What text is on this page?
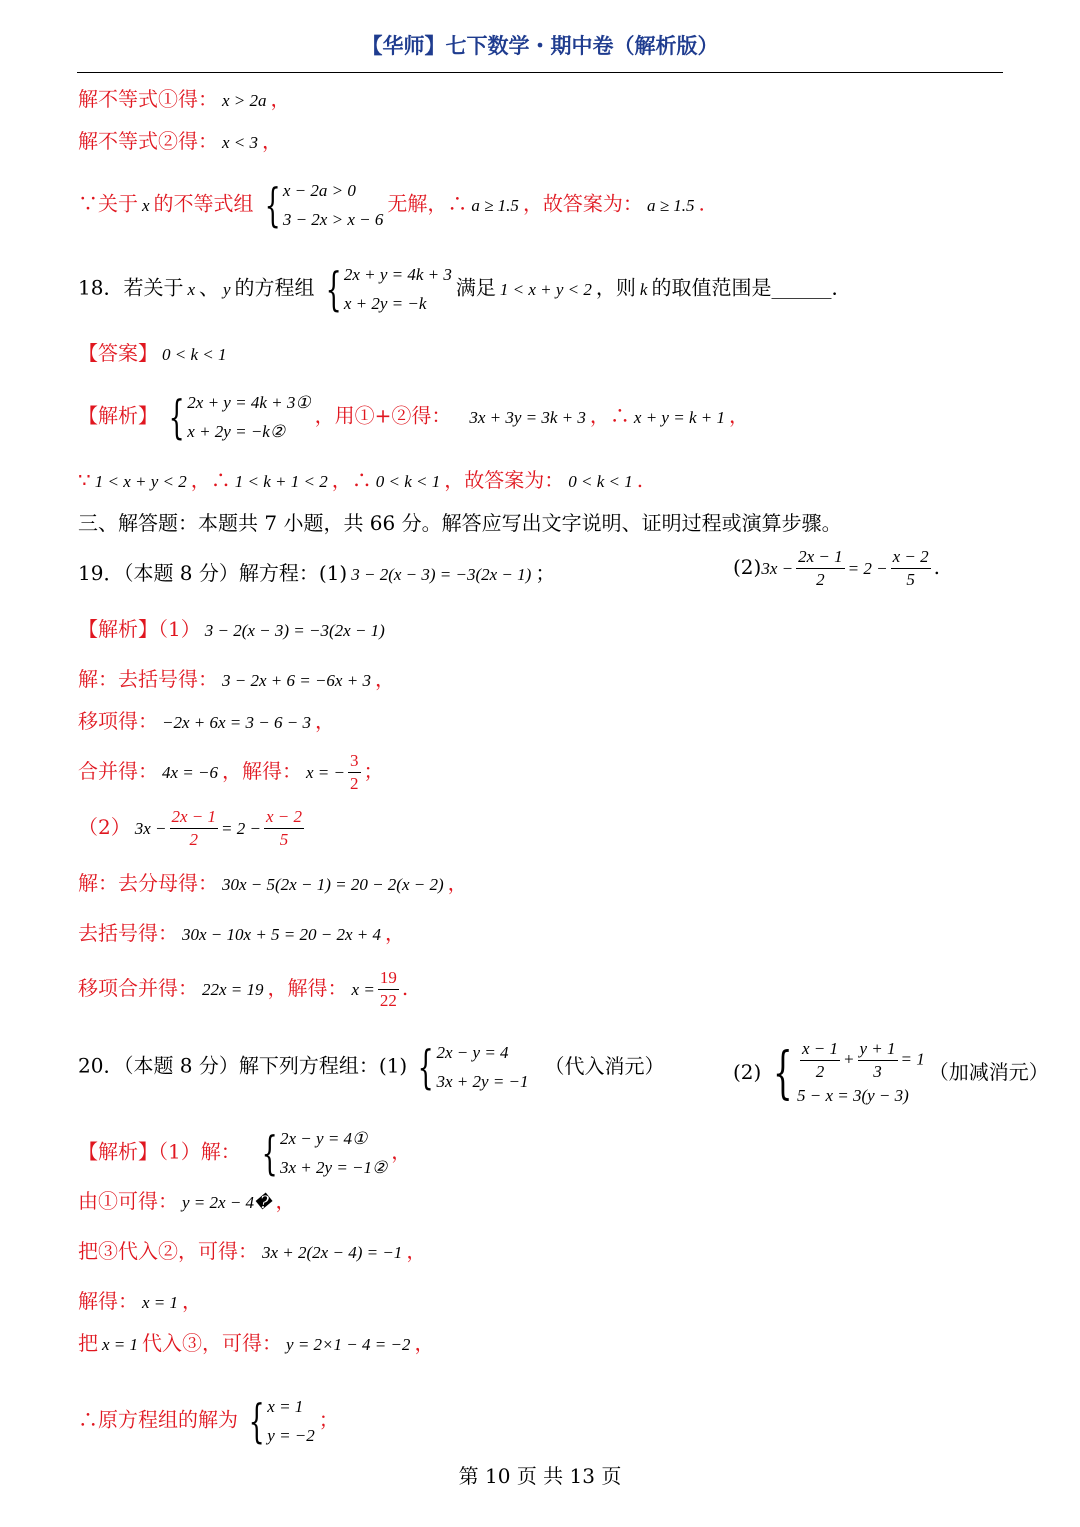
【华师】七下数学・期中卷（解析版）
解不等式①得： x > 2a ，
解不等式②得： x < 3 ，
∵关于 x 的不等式组 { x − 2a > 0
3 − 2x > x − 6
无解，∴ a ≥ 1.5 ，故答案为： a ≥ 1.5 .
18．若关于 x 、 y 的方程组 { 2x + y = 4k + 3
x + 2y = −k
满足 1 < x + y < 2 ，则 k 的取值范围是______．
【答案】 0 < k < 1
【解析】 { 2x + y = 4k + 3①
x + 2y = −k②
，用①+②得： 3x + 3y = 3k + 3 ，∴ x + y = k + 1 ，
∵ 1 < x + y < 2 ，∴ 1 < k + 1 < 2 ，∴ 0 < k < 1 ，故答案为： 0 < k < 1 .
三、解答题：本题共 7 小题，共 66 分。解答应写出文字说明、证明过程或演算步骤。
19．（本题 8 分）解方程：(1) 3 − 2(x − 3) = −3(2x − 1) ；	$(2)3x - \frac{2x - 1}{2} = 2 - \frac{x - 2}{5}$ .
【解析】（1） 3 − 2(x − 3) = −3(2x − 1)
解：去括号得： 3 − 2x + 6 = −6x + 3 ，
移项得： −2x + 6x = 3 − 6 − 3 ，
合并得： 4x = −6 ，解得： x = − $\frac{3}{2}$ ；
（2） $3x - \frac{2x - 1}{2} = 2 - \frac{x - 2}{5}$
解：去分母得： 30x − 5(2x − 1) = 20 − 2(x − 2) ，
去括号得： 30x − 10x + 5 = 20 − 2x + 4 ，
移项合并得： 22x = 19 ，解得： $x = \frac{19}{22}$ .
20．（本题 8 分）解下列方程组：(1) { 2x − y = 4
3x + 2y = −1
（代入消元）	(2) { $\frac{x - 1}{2} + \frac{y + 1}{3} = 1$
5 − x = 3(y − 3)
（加减消元）
【解析】（1）解： { 2x − y = 4①
3x + 2y = −1②
，
由①可得： y = 2x − 4� ，
把③代入②，可得： 3x + 2(2x − 4) = −1 ，
解得： x = 1 ，
把 x = 1 代入③，可得： y = 2×1 − 4 = −2 ，
∴原方程组的解为 { x = 1
y = −2
；
第 10 页 共 13 页
